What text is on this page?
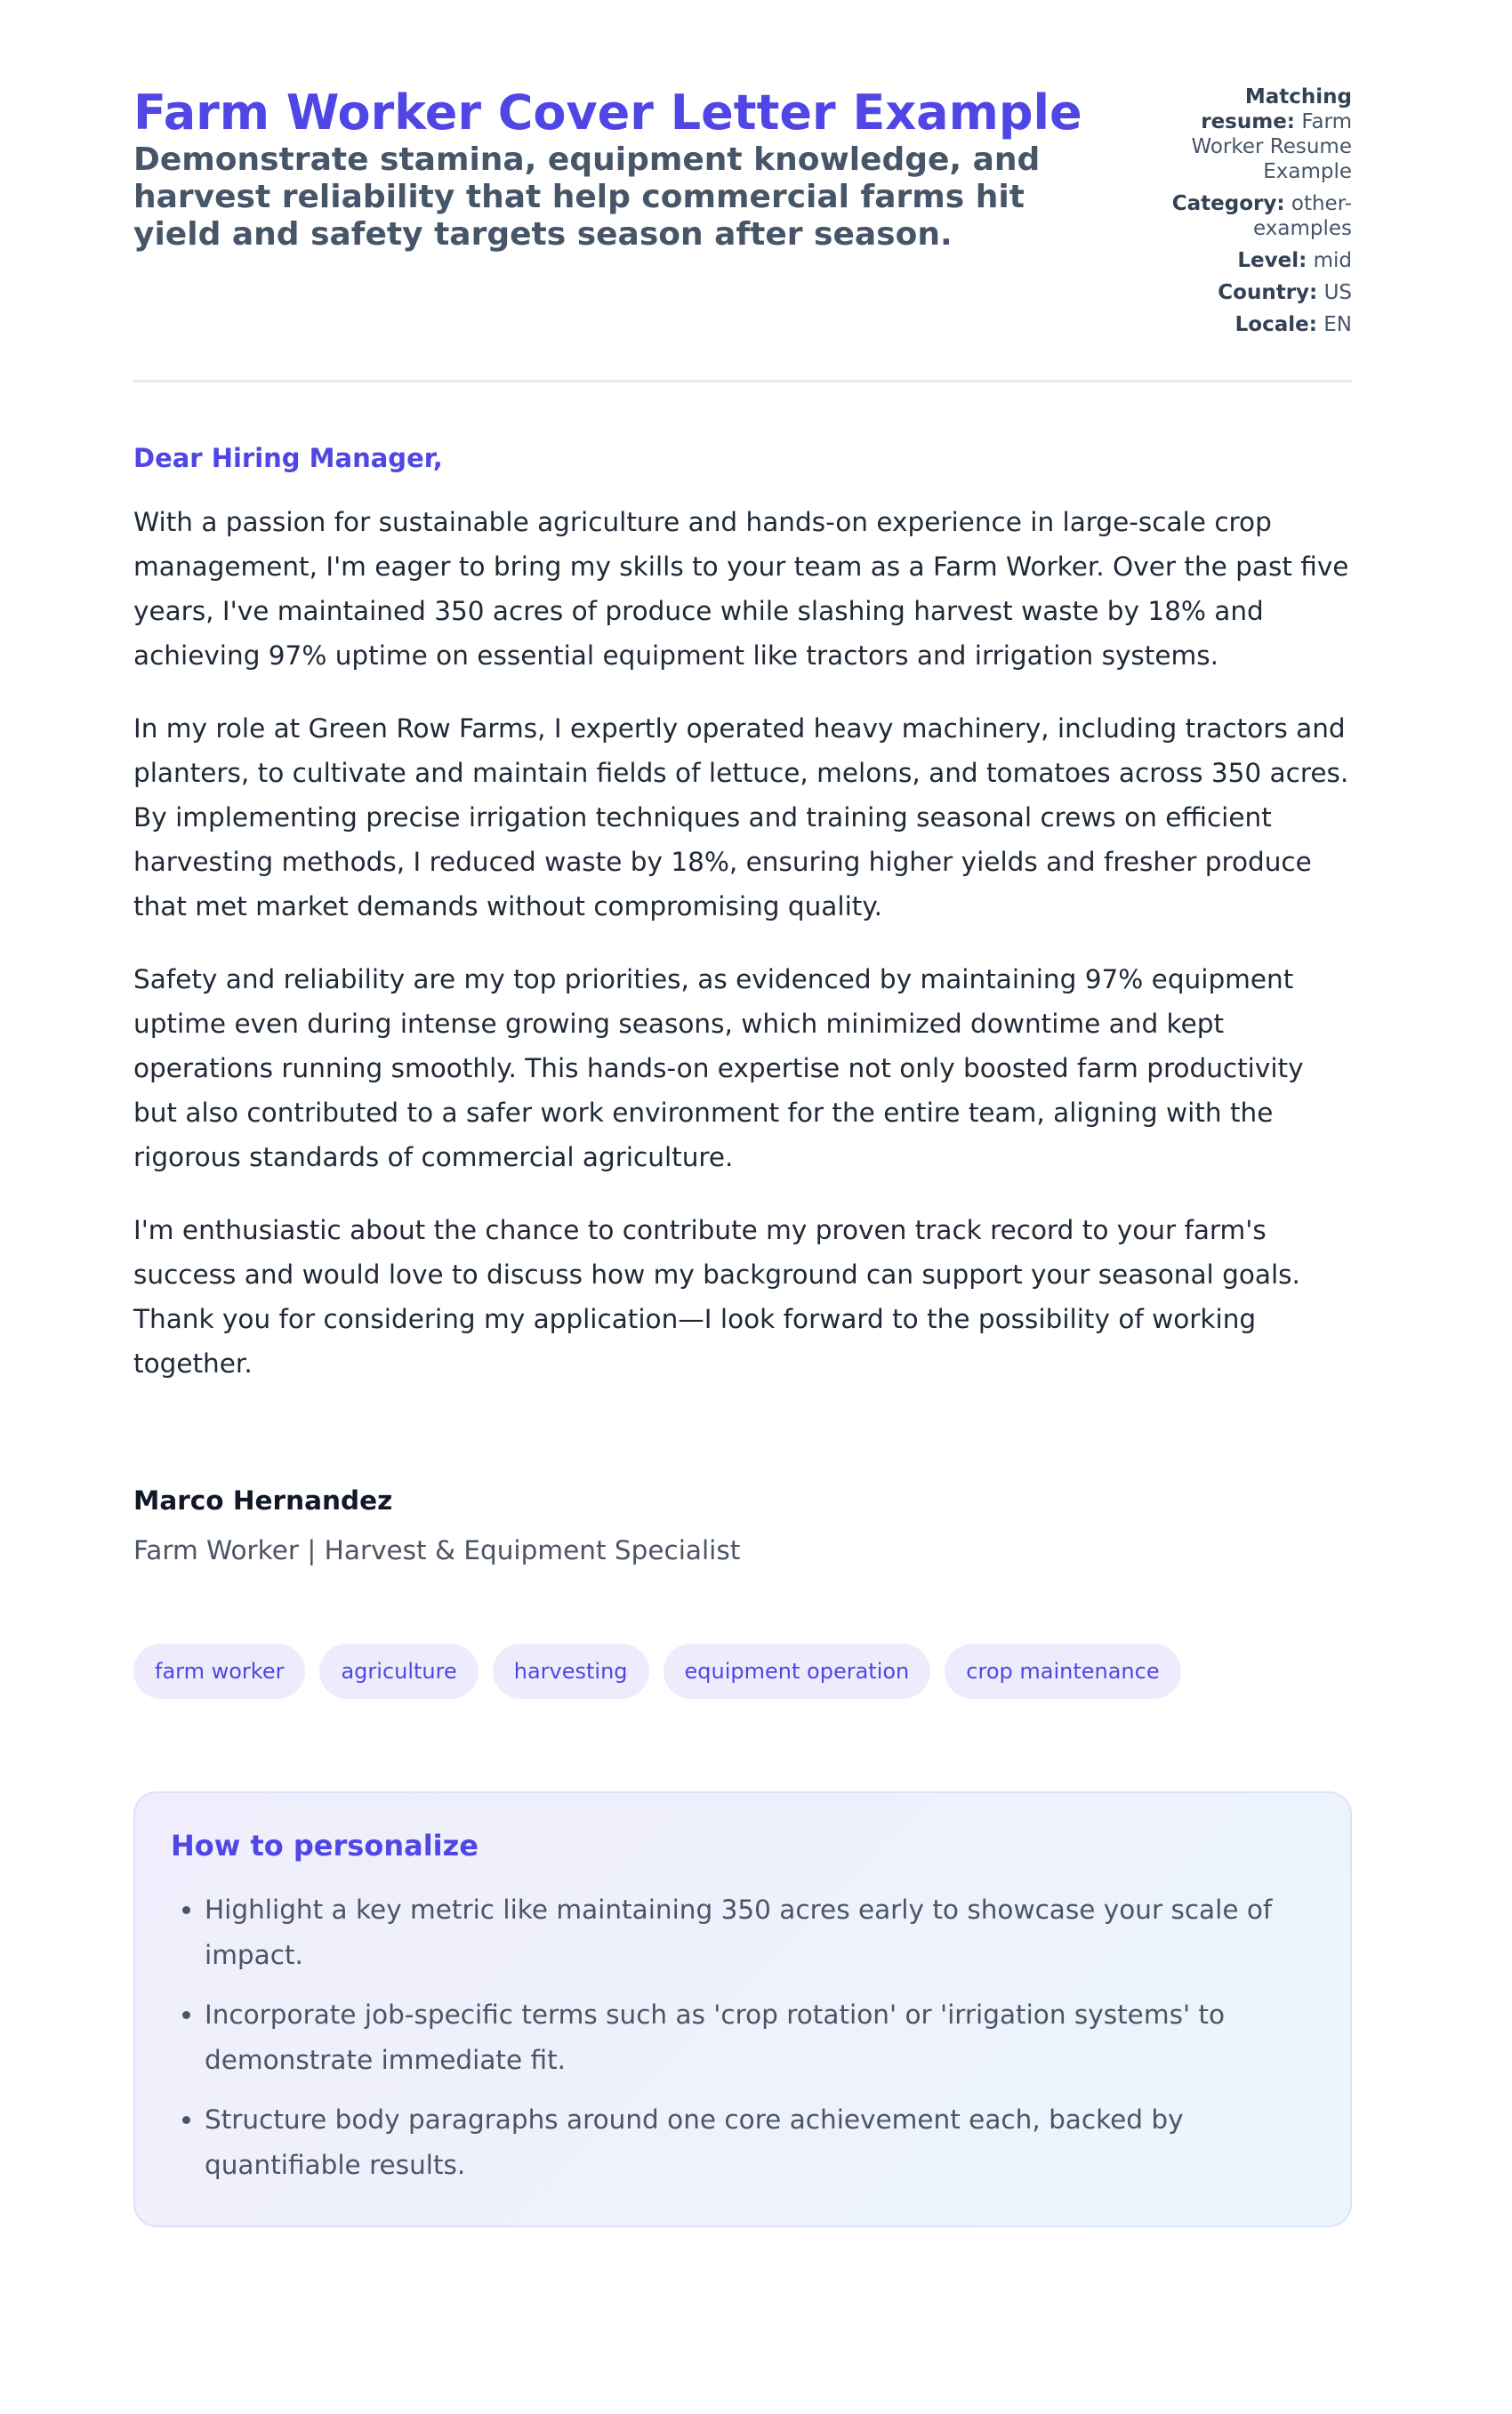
Farm Worker Cover Letter Example
Demonstrate stamina, equipment knowledge, and harvest reliability that help commercial farms hit yield and safety targets season after season.
Matching resume: Farm Worker Resume Example
Category: other-examples
Level: mid
Country: US
Locale: EN
Dear Hiring Manager,

With a passion for sustainable agriculture and hands-on experience in large-scale crop management, I'm eager to bring my skills to your team as a Farm Worker. Over the past five years, I've maintained 350 acres of produce while slashing harvest waste by 18% and achieving 97% uptime on essential equipment like tractors and irrigation systems.

In my role at Green Row Farms, I expertly operated heavy machinery, including tractors and planters, to cultivate and maintain fields of lettuce, melons, and tomatoes across 350 acres. By implementing precise irrigation techniques and training seasonal crews on efficient harvesting methods, I reduced waste by 18%, ensuring higher yields and fresher produce that met market demands without compromising quality.

Safety and reliability are my top priorities, as evidenced by maintaining 97% equipment uptime even during intense growing seasons, which minimized downtime and kept operations running smoothly. This hands-on expertise not only boosted farm productivity but also contributed to a safer work environment for the entire team, aligning with the rigorous standards of commercial agriculture.

I'm enthusiastic about the chance to contribute my proven track record to your farm's success and would love to discuss how my background can support your seasonal goals. Thank you for considering my application—I look forward to the possibility of working together.

Marco Hernandez
Farm Worker | Harvest & Equipment Specialist
farm worker	agriculture	harvesting	equipment operation	crop maintenance
How to personalize
• Highlight a key metric like maintaining 350 acres early to showcase your scale of impact.
• Incorporate job-specific terms such as 'crop rotation' or 'irrigation systems' to demonstrate immediate fit.
• Structure body paragraphs around one core achievement each, backed by quantifiable results.
